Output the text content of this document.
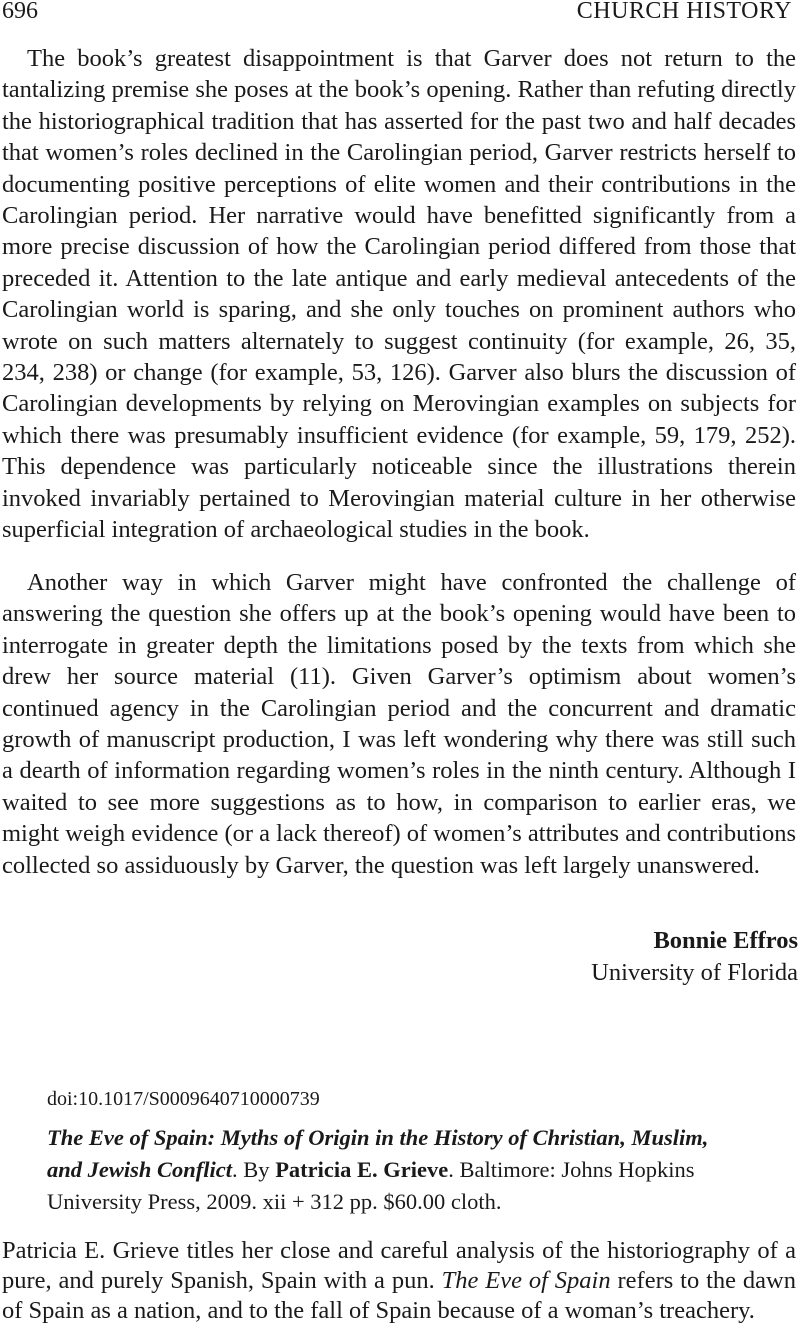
696	CHURCH HISTORY

The book’s greatest disappointment is that Garver does not return to the tantalizing premise she poses at the book’s opening. Rather than refuting directly the historiographical tradition that has asserted for the past two and half decades that women’s roles declined in the Carolingian period, Garver restricts herself to documenting positive perceptions of elite women and their contributions in the Carolingian period. Her narrative would have benefitted significantly from a more precise discussion of how the Carolingian period differed from those that preceded it. Attention to the late antique and early medieval antecedents of the Carolingian world is sparing, and she only touches on prominent authors who wrote on such matters alternately to suggest continuity (for example, 26, 35, 234, 238) or change (for example, 53, 126). Garver also blurs the discussion of Carolingian developments by relying on Merovingian examples on subjects for which there was presumably insufficient evidence (for example, 59, 179, 252). This dependence was particularly noticeable since the illustrations therein invoked invariably pertained to Merovingian material culture in her otherwise superficial integration of archaeological studies in the book.

Another way in which Garver might have confronted the challenge of answering the question she offers up at the book’s opening would have been to interrogate in greater depth the limitations posed by the texts from which she drew her source material (11). Given Garver’s optimism about women’s continued agency in the Carolingian period and the concurrent and dramatic growth of manuscript production, I was left wondering why there was still such a dearth of information regarding women’s roles in the ninth century. Although I waited to see more suggestions as to how, in comparison to earlier eras, we might weigh evidence (or a lack thereof) of women’s attributes and contributions collected so assiduously by Garver, the question was left largely unanswered.

Bonnie Effros
University of Florida
doi:10.1017/S0009640710000739
The Eve of Spain: Myths of Origin in the History of Christian, Muslim, and Jewish Conflict. By Patricia E. Grieve. Baltimore: Johns Hopkins University Press, 2009. xii + 312 pp. $60.00 cloth.

Patricia E. Grieve titles her close and careful analysis of the historiography of a pure, and purely Spanish, Spain with a pun. The Eve of Spain refers to the dawn of Spain as a nation, and to the fall of Spain because of a woman’s treachery.
